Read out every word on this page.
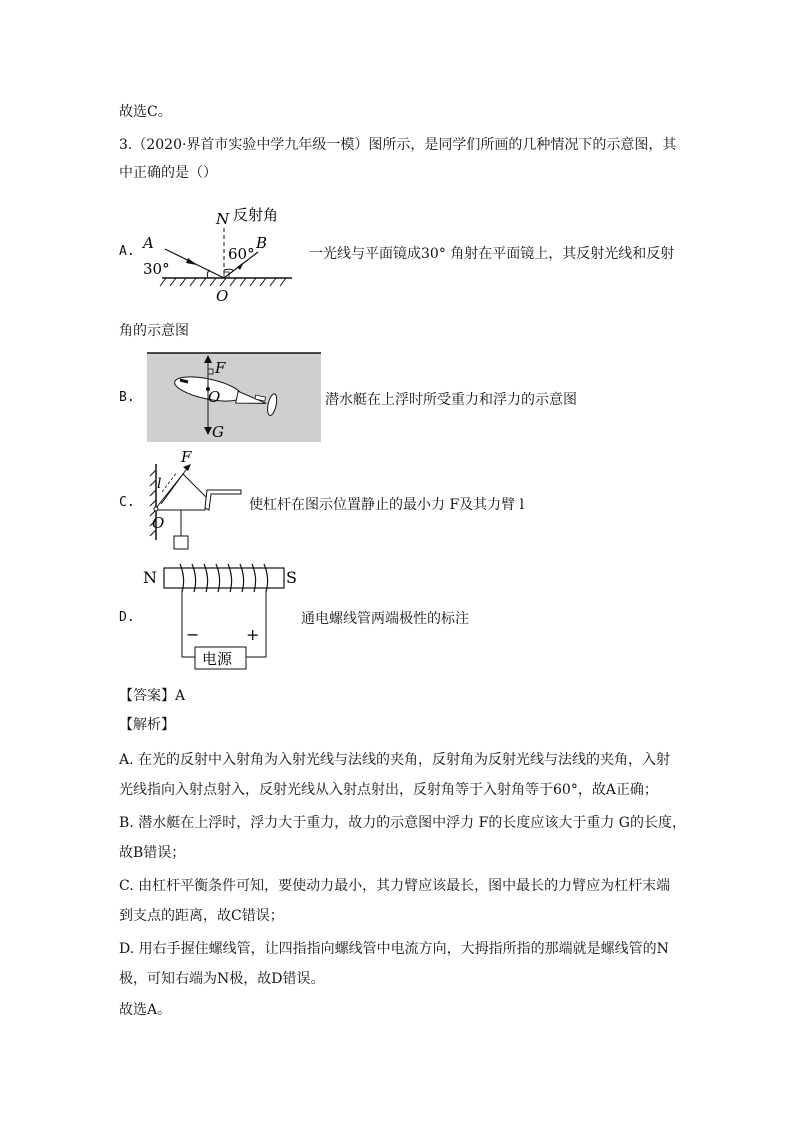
故选C。
3.（2020·界首市实验中学九年级一模）图所示，是同学们所画的几种情况下的示意图，其
中正确的是（）
A.
N 反射角
A	B
O
60°
30°
一光线与平面镜成30° 角射在平面镜上，其反射光线和反射
角的示意图
B.
F
O
G
潜水艇在上浮时所受重力和浮力的示意图
C.
F
l
O
使杠杆在图示位置静止的最小力 F及其力臂 l
D.
N	S
−	+
电源
通电螺线管两端极性的标注
【答案】A
【解析】
A. 在光的反射中入射角为入射光线与法线的夹角，反射角为反射光线与法线的夹角，入射
光线指向入射点射入，反射光线从入射点射出，反射角等于入射角等于60°，故A正确；
B. 潜水艇在上浮时，浮力大于重力，故力的示意图中浮力 F的长度应该大于重力 G的长度，
故B错误；
C. 由杠杆平衡条件可知，要使动力最小，其力臂应该最长，图中最长的力臂应为杠杆末端
到支点的距离，故C错误；
D. 用右手握住螺线管，让四指指向螺线管中电流方向，大拇指所指的那端就是螺线管的N
极，可知右端为N极，故D错误。
故选A。
